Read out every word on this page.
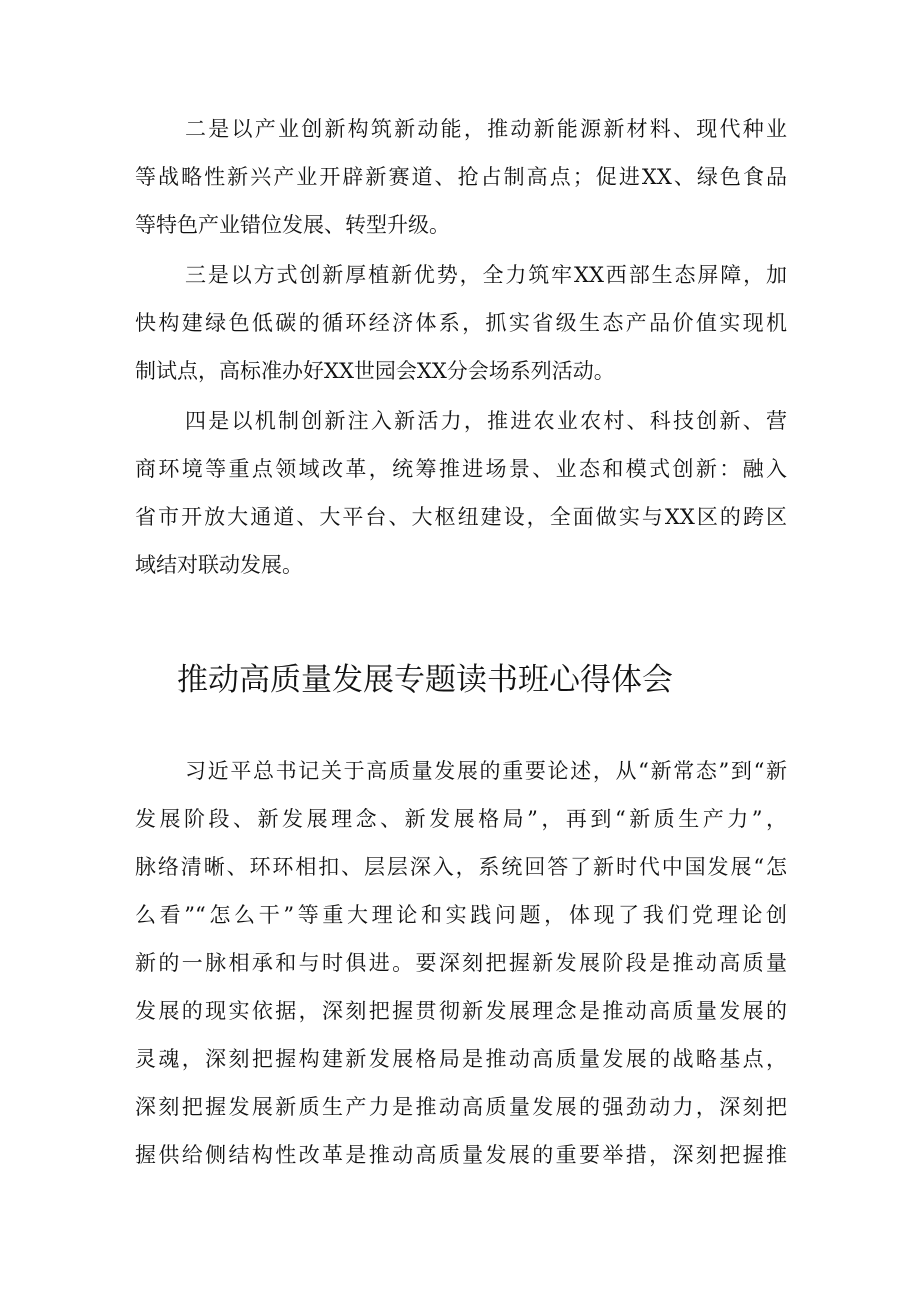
二是以产业创新构筑新动能，推动新能源新材料、现代种业
等战略性新兴产业开辟新赛道、抢占制高点；促进XX、绿色食品
等特色产业错位发展、转型升级。
三是以方式创新厚植新优势，全力筑牢XX西部生态屏障，加
快构建绿色低碳的循环经济体系，抓实省级生态产品价值实现机
制试点，高标准办好XX世园会XX分会场系列活动。
四是以机制创新注入新活力，推进农业农村、科技创新、营
商环境等重点领域改革，统筹推进场景、业态和模式创新：融入
省市开放大通道、大平台、大枢纽建设，全面做实与XX区的跨区
域结对联动发展。
推动高质量发展专题读书班心得体会
习近平总书记关于高质量发展的重要论述，从“新常态”到“新
发展阶段、新发展理念、新发展格局”，再到“新质生产力”，
脉络清晰、环环相扣、层层深入，系统回答了新时代中国发展“怎
么看”“怎么干”等重大理论和实践问题，体现了我们党理论创
新的一脉相承和与时俱进。要深刻把握新发展阶段是推动高质量
发展的现实依据，深刻把握贯彻新发展理念是推动高质量发展的
灵魂，深刻把握构建新发展格局是推动高质量发展的战略基点，
深刻把握发展新质生产力是推动高质量发展的强劲动力，深刻把
握供给侧结构性改革是推动高质量发展的重要举措，深刻把握推
